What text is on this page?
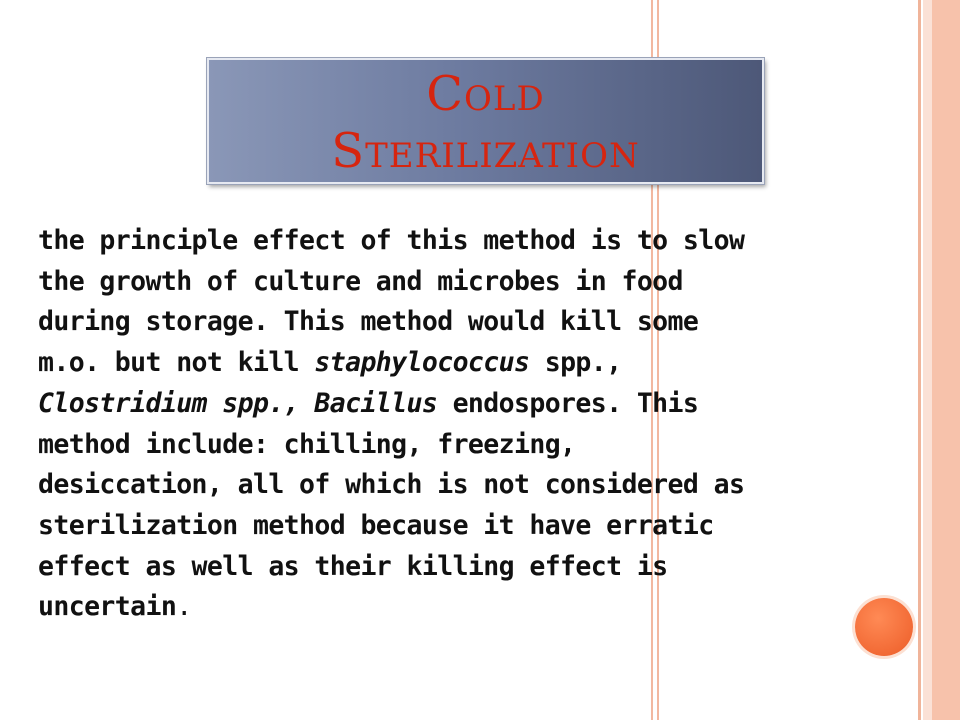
Cold
Sterilization
the principle effect of this method is to slow
the growth of culture and microbes in food
during storage. This method would kill some
m.o. but not kill staphylococcus spp.,
Clostridium spp., Bacillus endospores. This
method include: chilling, freezing,
desiccation, all of which is not considered as
sterilization method because it have erratic
effect as well as their killing effect is
uncertain.
